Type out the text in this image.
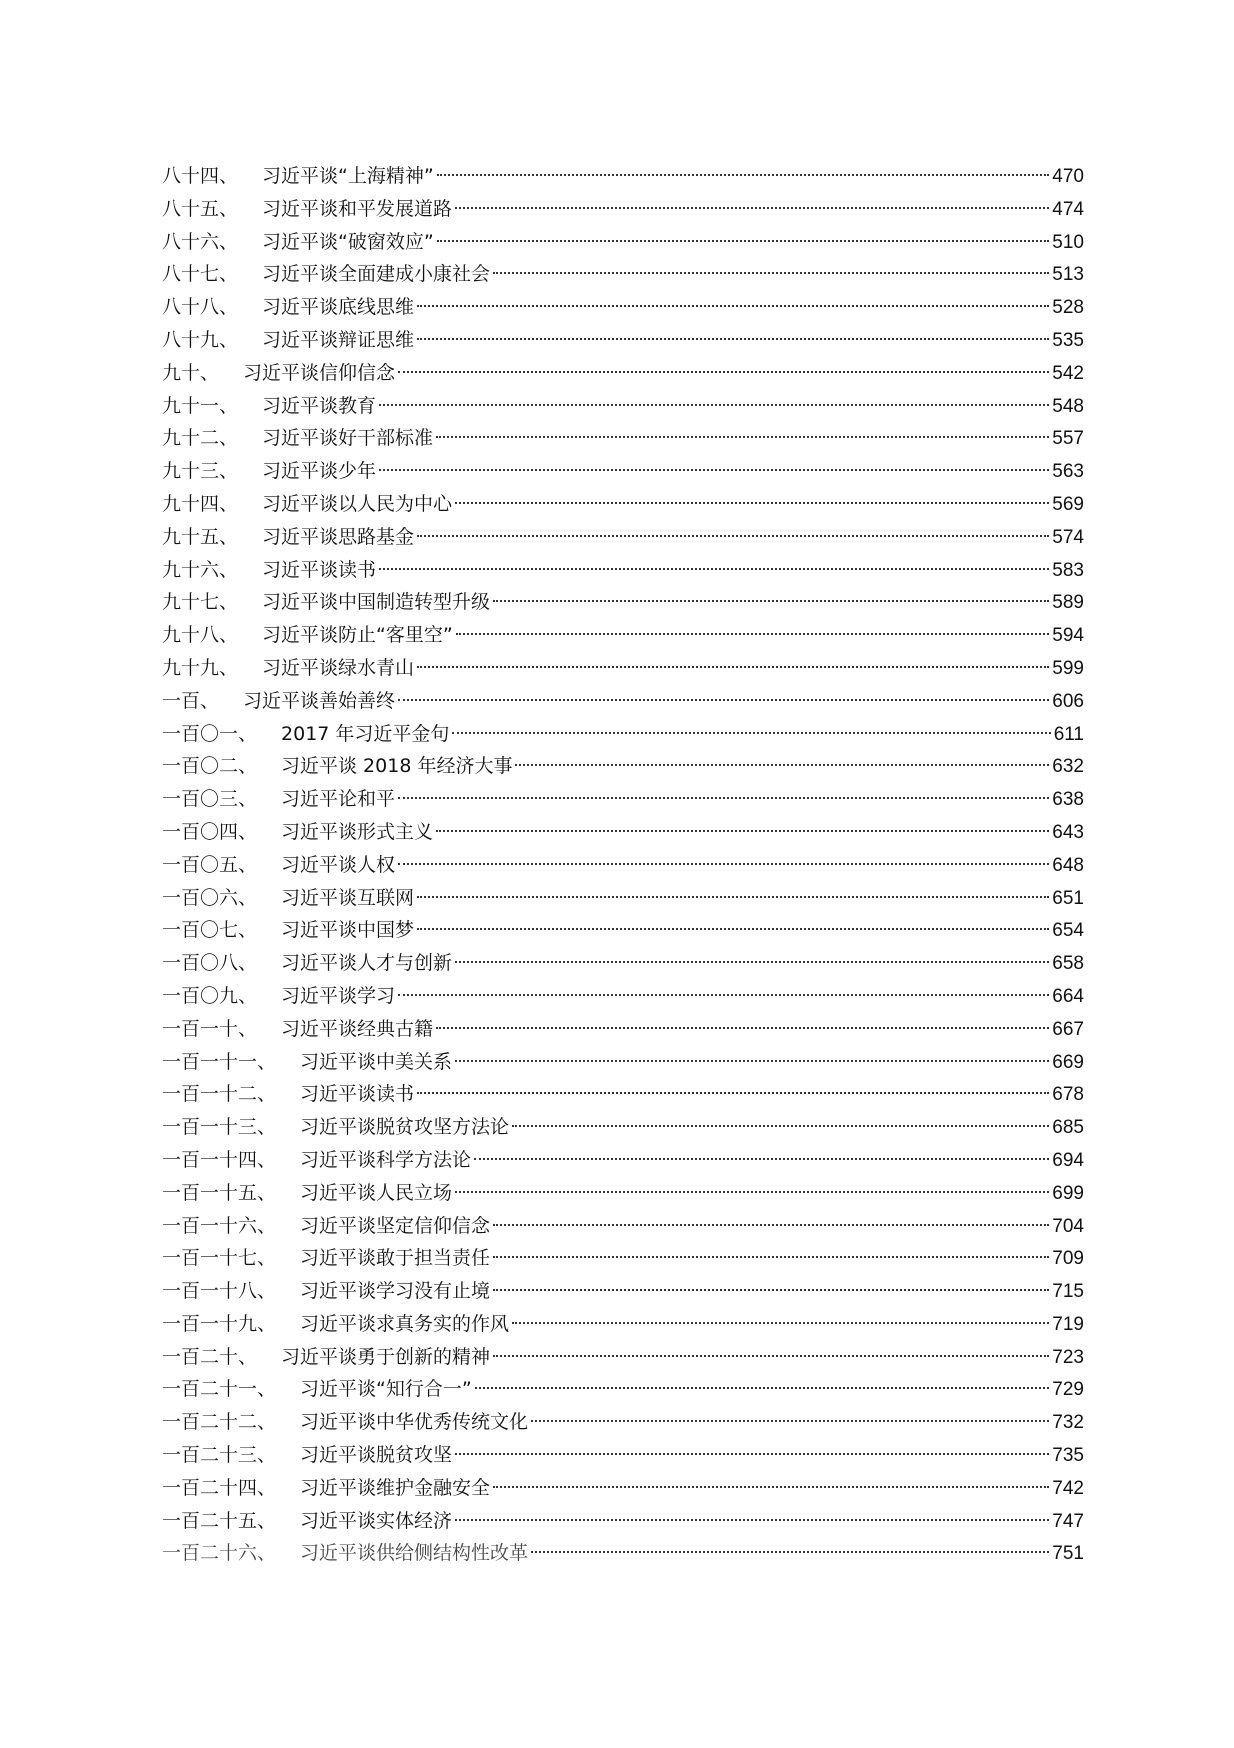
八十四、	习近平谈“上海精神”	470
八十五、	习近平谈和平发展道路	474
八十六、	习近平谈“破窗效应”	510
八十七、	习近平谈全面建成小康社会	513
八十八、	习近平谈底线思维	528
八十九、	习近平谈辩证思维	535
九十、	习近平谈信仰信念	542
九十一、	习近平谈教育	548
九十二、	习近平谈好干部标准	557
九十三、	习近平谈少年	563
九十四、	习近平谈以人民为中心	569
九十五、	习近平谈思路基金	574
九十六、	习近平谈读书	583
九十七、	习近平谈中国制造转型升级	589
九十八、	习近平谈防止“客里空”	594
九十九、	习近平谈绿水青山	599
一百、	习近平谈善始善终	606
一百〇一、	2017 年习近平金句	611
一百〇二、	习近平谈 2018 年经济大事	632
一百〇三、	习近平论和平	638
一百〇四、	习近平谈形式主义	643
一百〇五、	习近平谈人权	648
一百〇六、	习近平谈互联网	651
一百〇七、	习近平谈中国梦	654
一百〇八、	习近平谈人才与创新	658
一百〇九、	习近平谈学习	664
一百一十、	习近平谈经典古籍	667
一百一十一、	习近平谈中美关系	669
一百一十二、	习近平谈读书	678
一百一十三、	习近平谈脱贫攻坚方法论	685
一百一十四、	习近平谈科学方法论	694
一百一十五、	习近平谈人民立场	699
一百一十六、	习近平谈坚定信仰信念	704
一百一十七、	习近平谈敢于担当责任	709
一百一十八、	习近平谈学习没有止境	715
一百一十九、	习近平谈求真务实的作风	719
一百二十、	习近平谈勇于创新的精神	723
一百二十一、	习近平谈“知行合一”	729
一百二十二、	习近平谈中华优秀传统文化	732
一百二十三、	习近平谈脱贫攻坚	735
一百二十四、	习近平谈维护金融安全	742
一百二十五、	习近平谈实体经济	747
一百二十六、	习近平谈供给侧结构性改革	751
